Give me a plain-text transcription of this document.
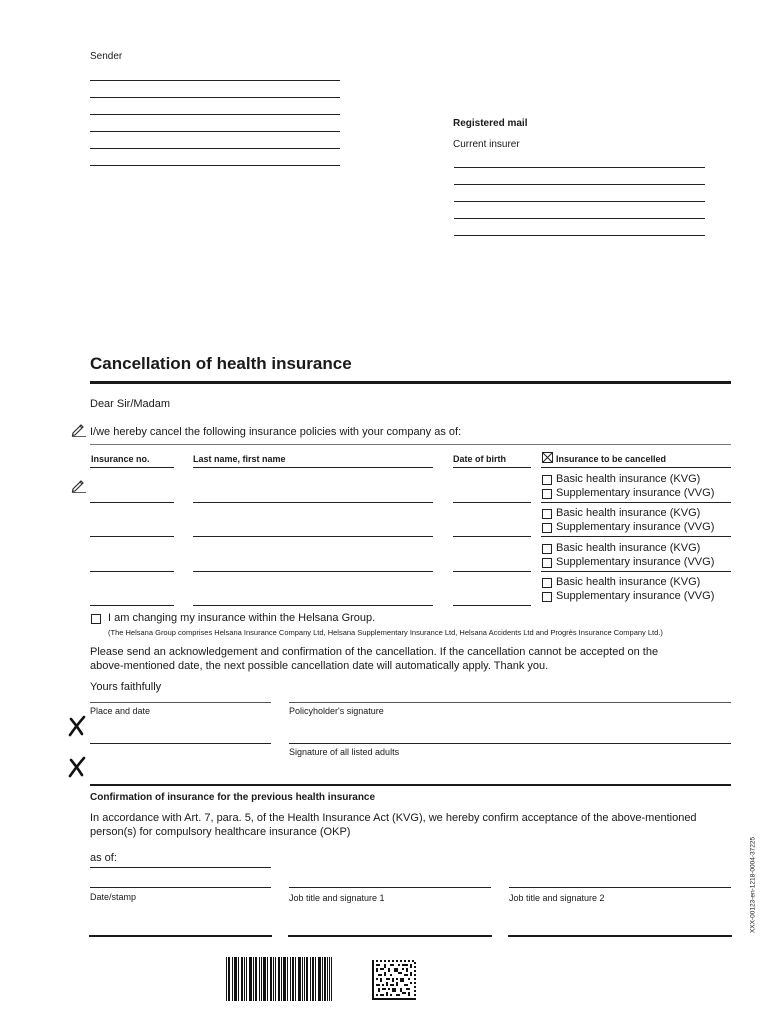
Sender
Registered mail
Current insurer
Cancellation of health insurance
Dear Sir/Madam
I/we hereby cancel the following insurance policies with your company as of:
Insurance no.	Last name, first name	Date of birth	Insurance to be cancelled
Basic health insurance (KVG)
Supplementary insurance (VVG)
Basic health insurance (KVG)
Supplementary insurance (VVG)
Basic health insurance (KVG)
Supplementary insurance (VVG)
Basic health insurance (KVG)
Supplementary insurance (VVG)
I am changing my insurance within the Helsana Group.
(The Helsana Group comprises Helsana Insurance Company Ltd, Helsana Supplementary Insurance Ltd, Helsana Accidents Ltd and Progrès Insurance Company Ltd.)
Please send an acknowledgement and confirmation of the cancellation. If the cancellation cannot be accepted on the
above-mentioned date, the next possible cancellation date will automatically apply. Thank you.
Yours faithfully
Place and date	Policyholder's signature
Signature of all listed adults
Confirmation of insurance for the previous health insurance
In accordance with Art. 7, para. 5, of the Health Insurance Act (KVG), we hereby confirm acceptance of the above-mentioned
person(s) for compulsory healthcare insurance (OKP)
as of:
Date/stamp	Job title and signature 1	Job title and signature 2	XXX-00123-en-1218-0004-37225
